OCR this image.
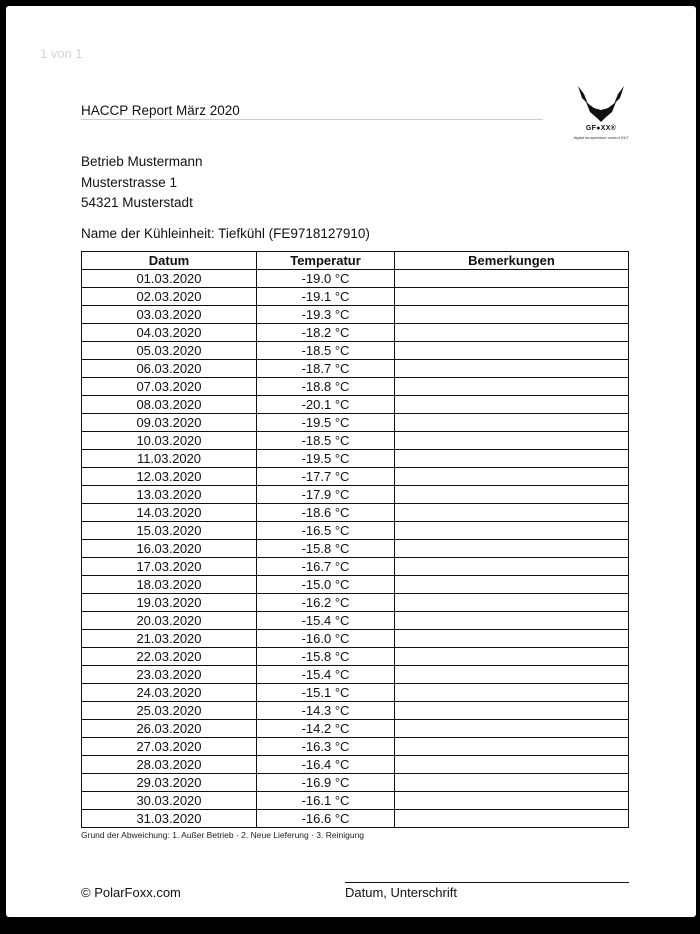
1 von 1
HACCP Report März 2020
GF●XX®
digital temperature control 24/7
Betrieb Mustermann
Musterstrasse 1
54321 Musterstadt
Name der Kühleinheit: Tiefkühl (FE9718127910)
Datum	Temperatur	Bemerkungen
01.03.2020	-19.0 °C	
02.03.2020	-19.1 °C	
03.03.2020	-19.3 °C	
04.03.2020	-18.2 °C	
05.03.2020	-18.5 °C	
06.03.2020	-18.7 °C	
07.03.2020	-18.8 °C	
08.03.2020	-20.1 °C	
09.03.2020	-19.5 °C	
10.03.2020	-18.5 °C	
11.03.2020	-19.5 °C	
12.03.2020	-17.7 °C	
13.03.2020	-17.9 °C	
14.03.2020	-18.6 °C	
15.03.2020	-16.5 °C	
16.03.2020	-15.8 °C	
17.03.2020	-16.7 °C	
18.03.2020	-15.0 °C	
19.03.2020	-16.2 °C	
20.03.2020	-15.4 °C	
21.03.2020	-16.0 °C	
22.03.2020	-15.8 °C	
23.03.2020	-15.4 °C	
24.03.2020	-15.1 °C	
25.03.2020	-14.3 °C	
26.03.2020	-14.2 °C	
27.03.2020	-16.3 °C	
28.03.2020	-16.4 °C	
29.03.2020	-16.9 °C	
30.03.2020	-16.1 °C	
31.03.2020	-16.6 °C	
Grund der Abweichung: 1. Außer Betrieb · 2. Neue Lieferung · 3. Reinigung
© PolarFoxx.com	Datum, Unterschrift
